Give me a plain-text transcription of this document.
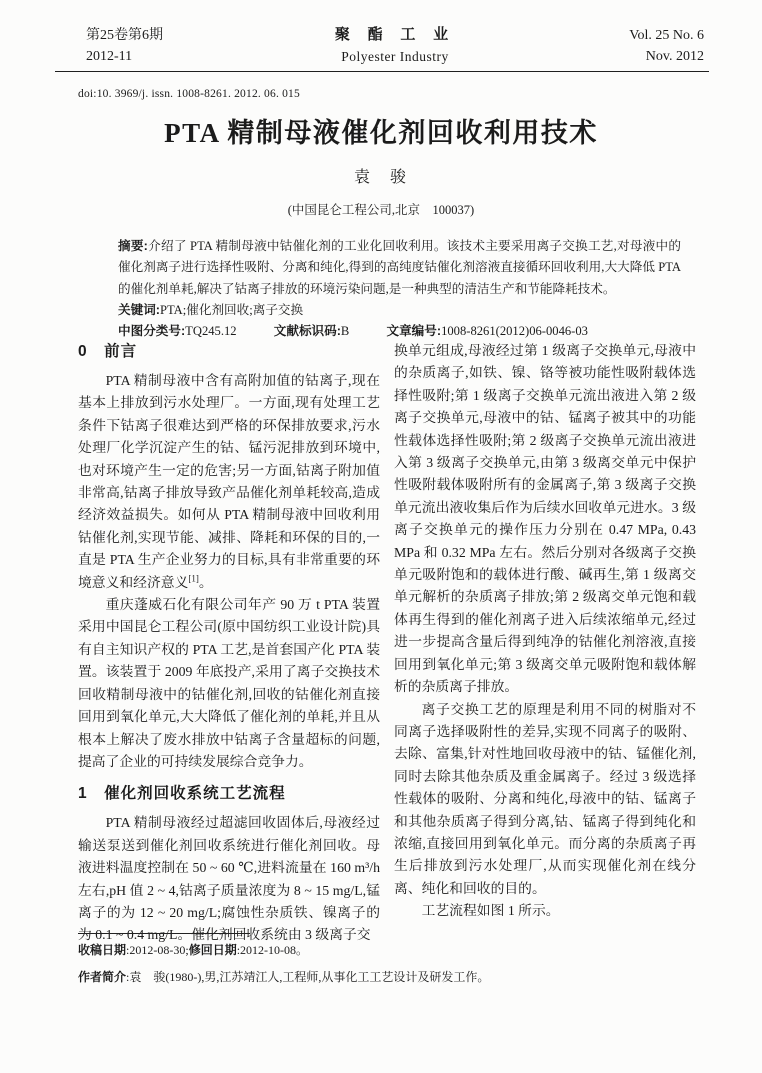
第25卷第6期
2012-11
聚 酯 工 业
Polyester Industry
Vol. 25 No. 6
Nov. 2012
doi:10. 3969/j. issn. 1008-8261. 2012. 06. 015
PTA 精制母液催化剂回收利用技术
袁　骏
(中国昆仑工程公司,北京　100037)
摘要:介绍了 PTA 精制母液中钴催化剂的工业化回收利用。该技术主要采用离子交换工艺,对母液中的催化剂离子进行选择性吸附、分离和纯化,得到的高纯度钴催化剂溶液直接循环回收利用,大大降低 PTA 的催化剂单耗,解决了钴离子排放的环境污染问题,是一种典型的清洁生产和节能降耗技术。
关键词:PTA;催化剂回收;离子交换
中图分类号:TQ245.12	文献标识码:B	文章编号:1008-8261(2012)06-0046-03
0　前言

PTA 精制母液中含有高附加值的钴离子,现在基本上排放到污水处理厂。一方面,现有处理工艺条件下钴离子很难达到严格的环保排放要求,污水处理厂化学沉淀产生的钴、锰污泥排放到环境中,也对环境产生一定的危害;另一方面,钴离子附加值非常高,钴离子排放导致产品催化剂单耗较高,造成经济效益损失。如何从 PTA 精制母液中回收利用钴催化剂,实现节能、减排、降耗和环保的目的,一直是 PTA 生产企业努力的目标,具有非常重要的环境意义和经济意义[1]。

重庆蓬威石化有限公司年产 90 万 t PTA 装置采用中国昆仑工程公司(原中国纺织工业设计院)具有自主知识产权的 PTA 工艺,是首套国产化 PTA 装置。该装置于 2009 年底投产,采用了离子交换技术回收精制母液中的钴催化剂,回收的钴催化剂直接回用到氧化单元,大大降低了催化剂的单耗,并且从根本上解决了废水排放中钴离子含量超标的问题,提高了企业的可持续发展综合竞争力。

1　催化剂回收系统工艺流程

PTA 精制母液经过超滤回收固体后,母液经过输送泵送到催化剂回收系统进行催化剂回收。母液进料温度控制在 50 ~ 60 ℃,进料流量在 160 m³/h 左右,pH 值 2 ~ 4,钴离子质量浓度为 8 ~ 15 mg/L,锰离子的为 12 ~ 20 mg/L;腐蚀性杂质铁、镍离子的为 0.1 ~ 0.4 mg/L。催化剂回收系统由 3 级离子交

换单元组成,母液经过第 1 级离子交换单元,母液中的杂质离子,如铁、镍、铬等被功能性吸附载体选择性吸附;第 1 级离子交换单元流出液进入第 2 级离子交换单元,母液中的钴、锰离子被其中的功能性载体选择性吸附;第 2 级离子交换单元流出液进入第 3 级离子交换单元,由第 3 级离交单元中保护性吸附载体吸附所有的金属离子,第 3 级离子交换单元流出液收集后作为后续水回收单元进水。3 级离子交换单元的操作压力分别在 0.47 MPa, 0.43 MPa 和 0.32 MPa 左右。然后分别对各级离子交换单元吸附饱和的载体进行酸、碱再生,第 1 级离交单元解析的杂质离子排放;第 2 级离交单元饱和载体再生得到的催化剂离子进入后续浓缩单元,经过进一步提高含量后得到纯净的钴催化剂溶液,直接回用到氧化单元;第 3 级离交单元吸附饱和载体解析的杂质离子排放。

离子交换工艺的原理是利用不同的树脂对不同离子选择吸附性的差异,实现不同离子的吸附、去除、富集,针对性地回收母液中的钴、锰催化剂,同时去除其他杂质及重金属离子。经过 3 级选择性载体的吸附、分离和纯化,母液中的钴、锰离子和其他杂质离子得到分离,钴、锰离子得到纯化和浓缩,直接回用到氧化单元。而分离的杂质离子再生后排放到污水处理厂,从而实现催化剂在线分离、纯化和回收的目的。

工艺流程如图 1 所示。

收稿日期:2012-08-30;修回日期:2012-10-08。
作者简介:袁　骏(1980-),男,江苏靖江人,工程师,从事化工工艺设计及研发工作。
